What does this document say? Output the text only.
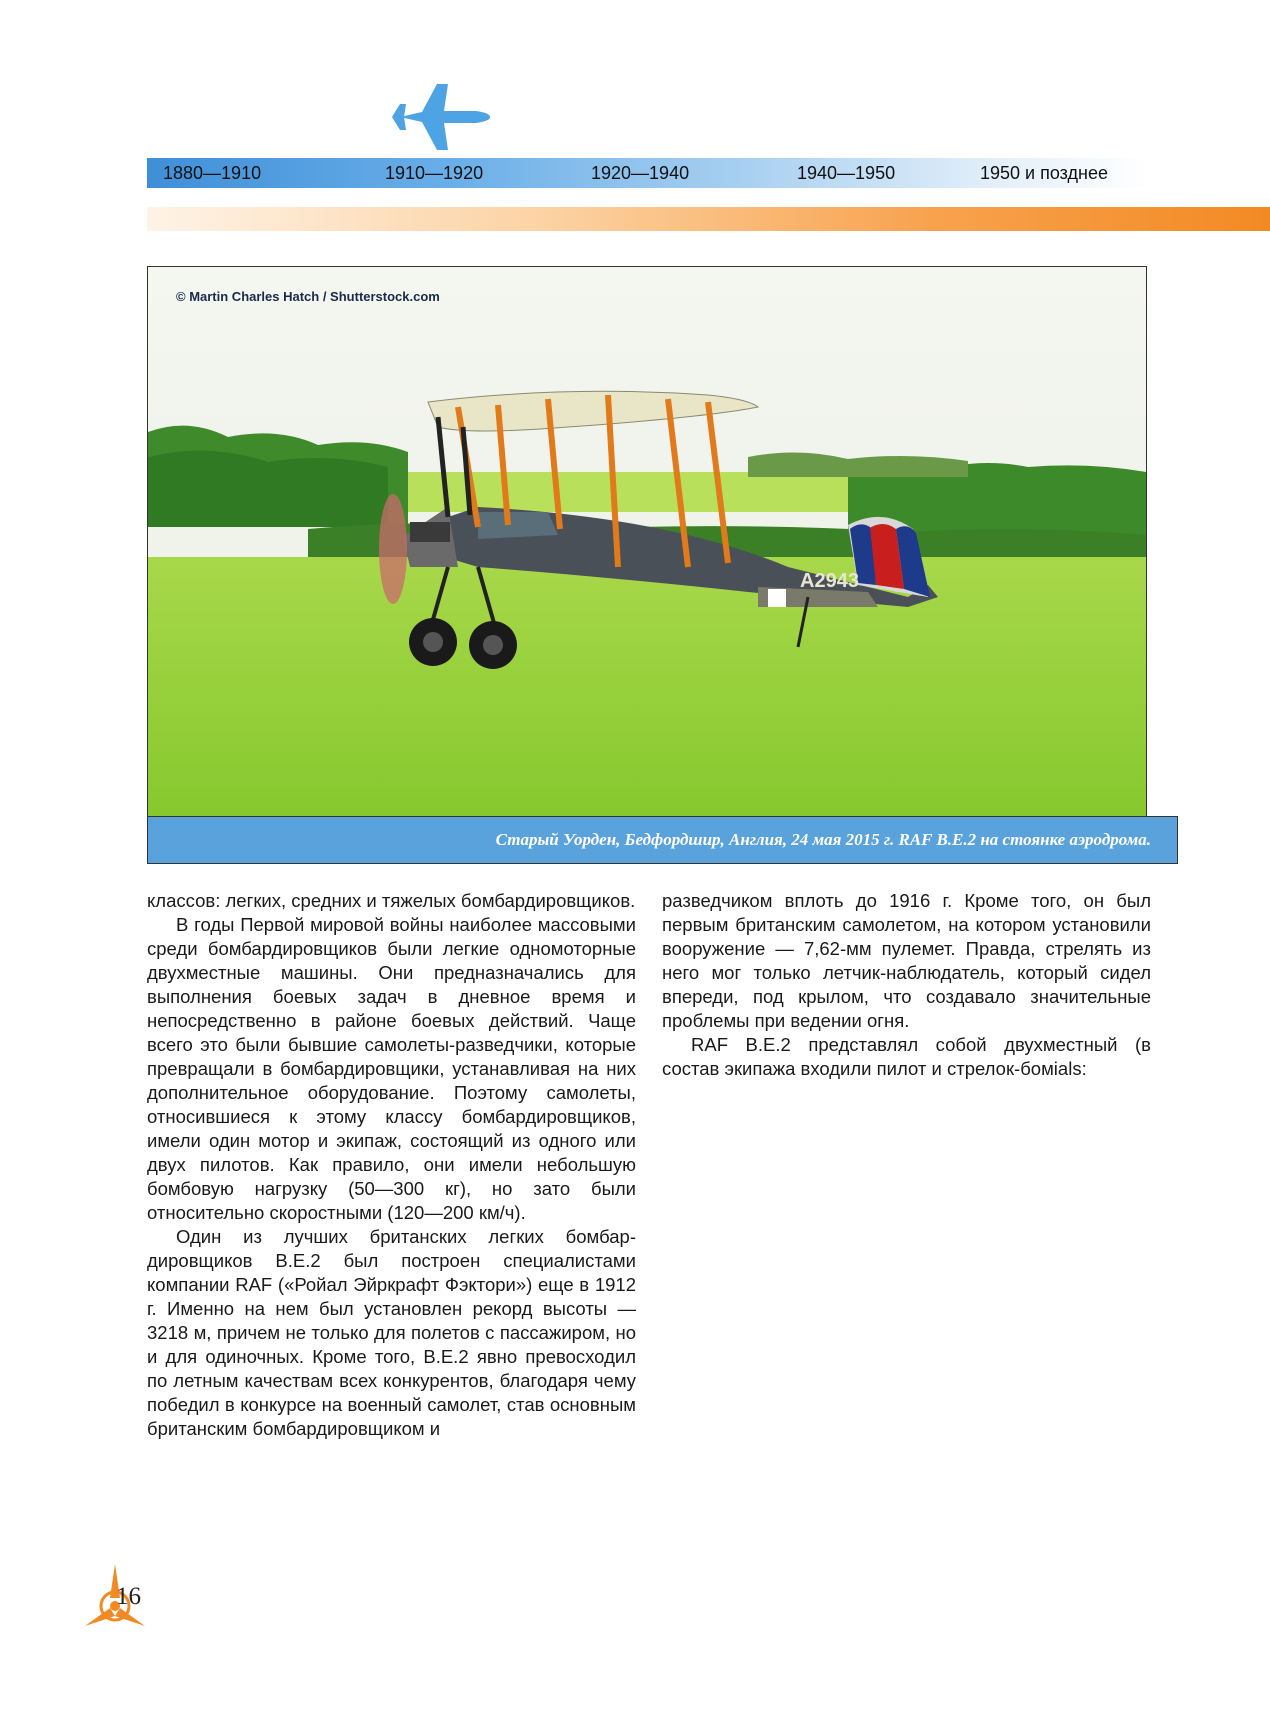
1880—1910	1910—1920	1920—1940	1940—1950	1950 и позднее
A2943
© Martin Charles Hatch / Shutterstock.com
Старый Уорден, Бедфордшир, Англия, 24 мая 2015 г. RAF B.E.2 на стоянке аэродрома.

классов: легких, средних и тяжелых бомбардировщиков.

В годы Первой мировой войны наиболее массовыми среди бомбардировщиков были легкие одномоторные двухместные машины. Они предназначались для выполнения боевых задач в дневное время и непосредственно в районе боевых действий. Чаще всего это были бывшие самолеты-разведчики, которые превращали в бомбардировщики, устанавливая на них дополнительное оборудование. Поэтому самолеты, относившиеся к этому классу бомбардировщиков, имели один мотор и экипаж, состоящий из одного или двух пилотов. Как правило, они имели небольшую бомбовую нагрузку (50—300 кг), но зато были относительно скоростными (120—200 км/ч).

Один из лучших британских легких бомбардировщиков B.E.2 был построен специалистами компании RAF («Ройал Эйркрафт Фэктори») еще в 1912 г. Именно на нем был установлен рекорд высоты — 3218 м, причем не только для полетов с пассажиром, но и для одиночных. Кроме того, B.E.2 явно превосходил по летным качествам всех конкурентов, благодаря чему победил в конкурсе на военный самолет, став основным британским бомбардировщиком и

разведчиком вплоть до 1916 г. Кроме того, он был первым британским самолетом, на котором установили вооружение — 7,62-мм пулемет. Правда, стрелять из него мог только летчик-наблюдатель, который сидел впереди, под крылом, что создавало значительные проблемы при ведении огня.

RAF B.E.2 представлял собой двухместный (в состав экипажа входили пилот и стрелок-бомials:

16
